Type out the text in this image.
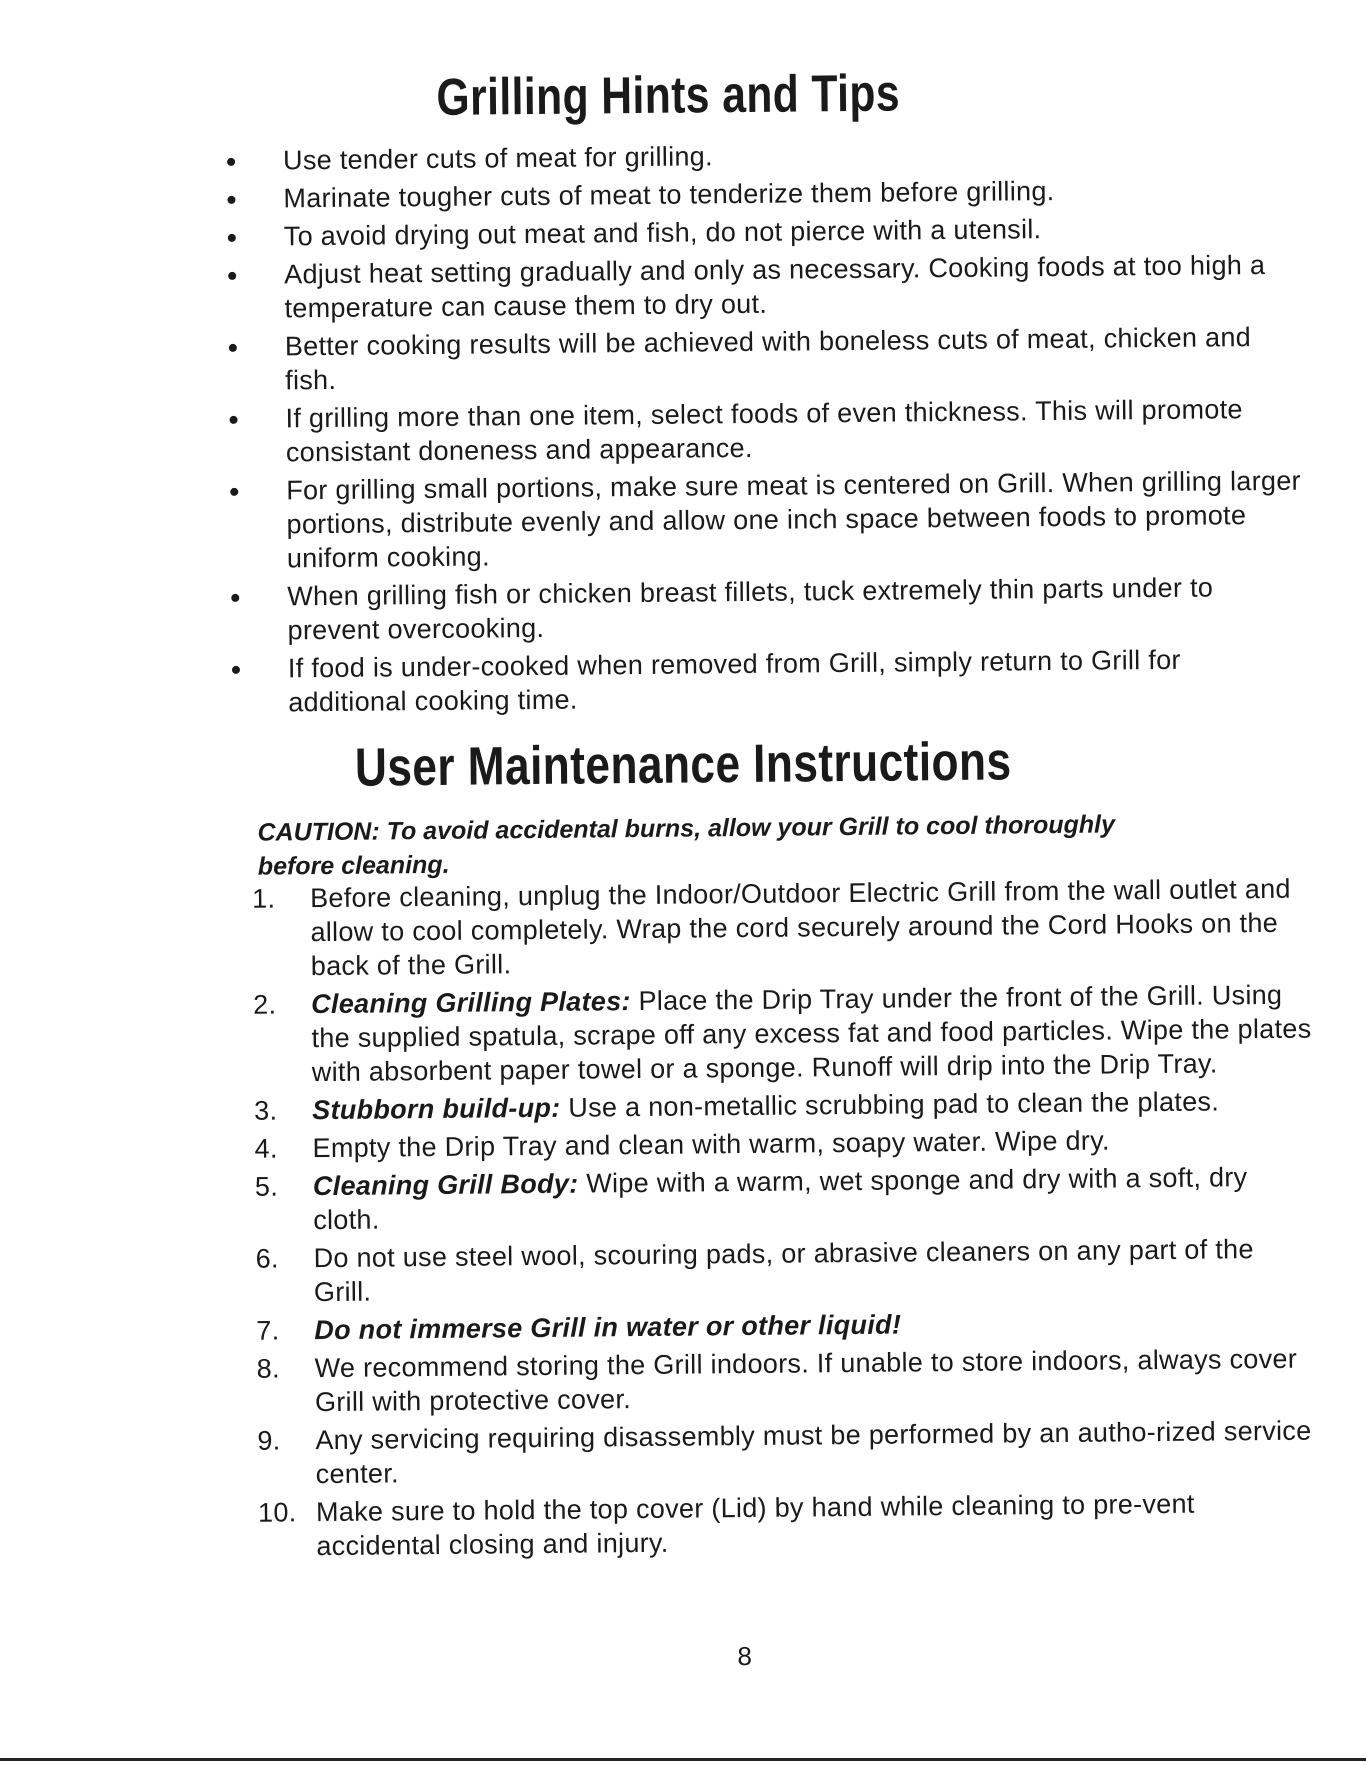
Grilling Hints and Tips
Use tender cuts of meat for grilling.
Marinate tougher cuts of meat to tenderize them before grilling.
To avoid drying out meat and fish, do not pierce with a utensil.
Adjust heat setting gradually and only as necessary. Cooking foods at too high a temperature can cause them to dry out.
Better cooking results will be achieved with boneless cuts of meat, chicken and fish.
If grilling more than one item, select foods of even thickness. This will promote consistant doneness and appearance.
For grilling small portions, make sure meat is centered on Grill. When grilling larger portions, distribute evenly and allow one inch space between foods to promote uniform cooking.
When grilling fish or chicken breast fillets, tuck extremely thin parts under to prevent overcooking.
If food is under-cooked when removed from Grill, simply return to Grill for additional cooking time.
User Maintenance Instructions
CAUTION: To avoid accidental burns, allow your Grill to cool thoroughly before cleaning.
1.	Before cleaning, unplug the Indoor/Outdoor Electric Grill from the wall outlet and allow to cool completely. Wrap the cord securely around the Cord Hooks on the back of the Grill.
2.	Cleaning Grilling Plates: Place the Drip Tray under the front of the Grill. Using the supplied spatula, scrape off any excess fat and food particles. Wipe the plates with absorbent paper towel or a sponge. Runoff will drip into the Drip Tray.
3.	Stubborn build-up: Use a non-metallic scrubbing pad to clean the plates.
4.	Empty the Drip Tray and clean with warm, soapy water. Wipe dry.
5.	Cleaning Grill Body: Wipe with a warm, wet sponge and dry with a soft, dry cloth.
6.	Do not use steel wool, scouring pads, or abrasive cleaners on any part of the Grill.
7.	Do not immerse Grill in water or other liquid!
8.	We recommend storing the Grill indoors. If unable to store indoors, always cover Grill with protective cover.
9.	Any servicing requiring disassembly must be performed by an autho-rized service center.
10. Make sure to hold the top cover (Lid) by hand while cleaning to pre-vent accidental closing and injury.
8
